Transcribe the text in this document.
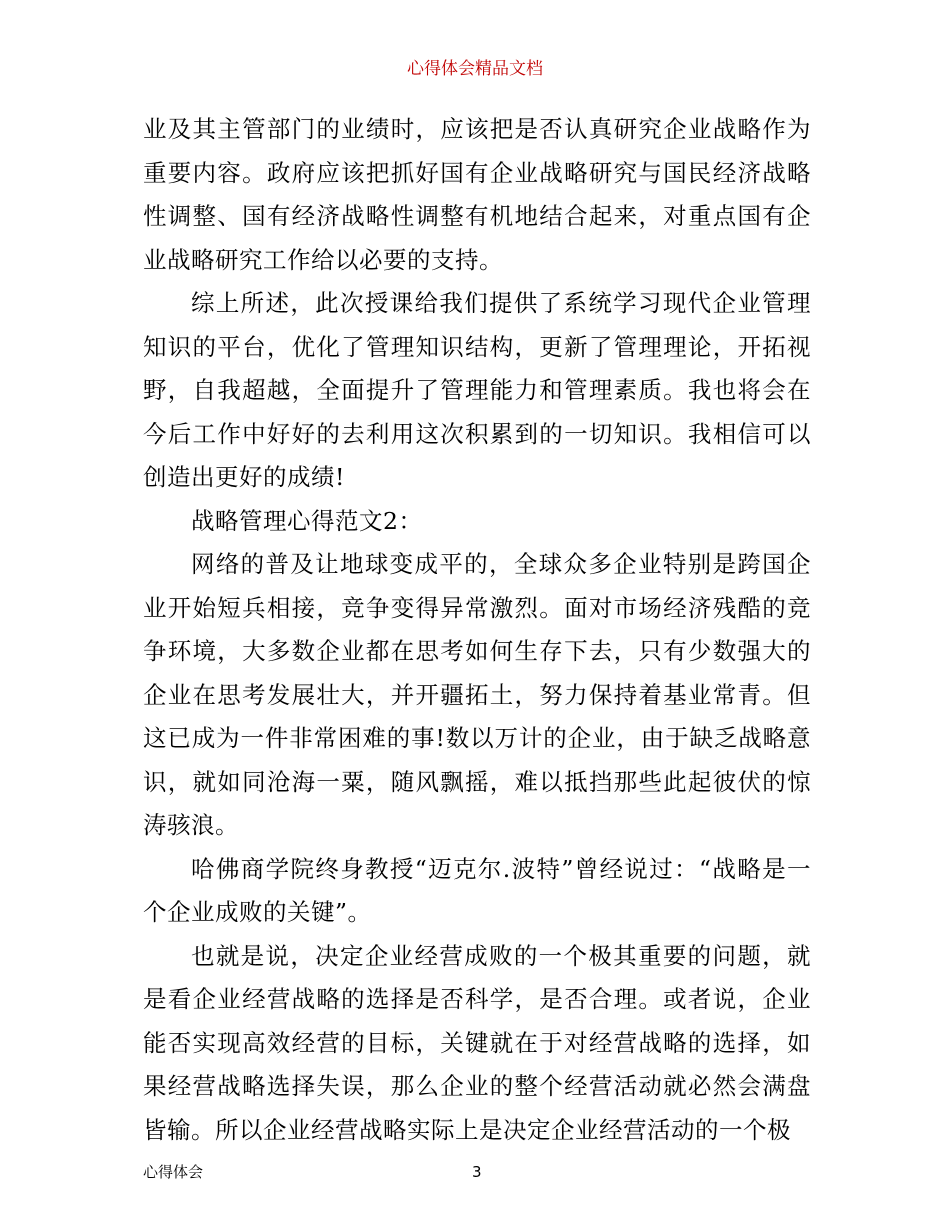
心得体会精品文档

业及其主管部门的业绩时，应该把是否认真研究企业战略作为重要内容。政府应该把抓好国有企业战略研究与国民经济战略性调整、国有经济战略性调整有机地结合起来，对重点国有企业战略研究工作给以必要的支持。

综上所述，此次授课给我们提供了系统学习现代企业管理知识的平台，优化了管理知识结构，更新了管理理论，开拓视野，自我超越，全面提升了管理能力和管理素质。我也将会在今后工作中好好的去利用这次积累到的一切知识。我相信可以创造出更好的成绩!

战略管理心得范文2：

网络的普及让地球变成平的，全球众多企业特别是跨国企业开始短兵相接，竞争变得异常激烈。面对市场经济残酷的竞争环境，大多数企业都在思考如何生存下去，只有少数强大的企业在思考发展壮大，并开疆拓土，努力保持着基业常青。但这已成为一件非常困难的事!数以万计的企业，由于缺乏战略意识，就如同沧海一粟，随风飘摇，难以抵挡那些此起彼伏的惊涛骇浪。

哈佛商学院终身教授“迈克尔.波特”曾经说过：“战略是一个企业成败的关键”。

也就是说，决定企业经营成败的一个极其重要的问题，就是看企业经营战略的选择是否科学，是否合理。或者说，企业能否实现高效经营的目标，关键就在于对经营战略的选择，如果经营战略选择失误，那么企业的整个经营活动就必然会满盘皆输。所以企业经营战略实际上是决定企业经营活动的一个极

心得体会	3
